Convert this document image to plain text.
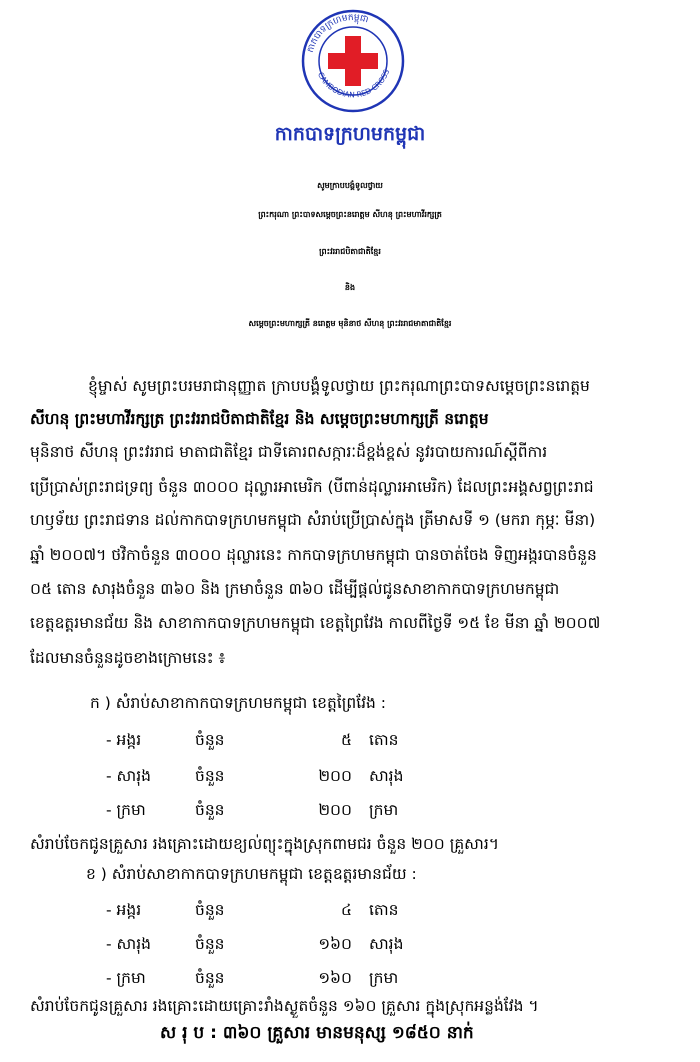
កាកបាទក្រហមកម្ពុជា
CAMBODIAN RED CROSS
កាកបាទក្រហមកម្ពុជា
សូមក្រាបបង្គំទូលថ្វាយ
ព្រះករុណា ព្រះបាទសម្តេចព្រះនរោត្តម សីហនុ ព្រះមហាវីរក្សត្រ
ព្រះវររាជបិតាជាតិខ្មែរ
និង
សម្តេចព្រះមហាក្សត្រី នរោត្តម មុនិនាថ សីហនុ ព្រះវររាជមាតាជាតិខ្មែរ
ខ្ញុំម្ចាស់ សូមព្រះបរមរាជានុញ្ញាត ក្រាបបង្គំទូលថ្វាយ ព្រះករុណាព្រះបាទសម្តេចព្រះនរោត្តម
សីហនុ ព្រះមហាវីរក្សត្រ ព្រះវររាជបិតាជាតិខ្មែរ និង សម្តេចព្រះមហាក្សត្រី នរោត្តម
មុនិនាថ សីហនុ ព្រះវររាជ មាតាជាតិខ្មែរ ជាទីគោរពសក្ការៈដ៏ខ្ពង់ខ្ពស់ នូវរបាយការណ៍ស្តីពីការ
ប្រើប្រាស់ព្រះរាជទ្រព្យ ចំនួន ៣០០០ ដុល្លារអាមេរិក (បីពាន់ដុល្លារអាមេរិក) ដែលព្រះអង្គសព្វព្រះរាជ
ហឫទ័យ ព្រះរាជទាន ដល់កាកបាទក្រហមកម្ពុជា សំរាប់ប្រើប្រាស់ក្នុង ត្រីមាសទី ១ (មករា កុម្ភៈ មីនា)
ឆ្នាំ ២០០៧។ ថវិកាចំនួន ៣០០០ ដុល្លារនេះ កាកបាទក្រហមកម្ពុជា បានចាត់ចែង ទិញអង្ករបានចំនួន
០៥ តោន សារុងចំនួន ៣៦០ និង ក្រមាចំនួន ៣៦០ ដើម្បីផ្តល់ជូនសាខាកាកបាទក្រហមកម្ពុជា
ខេត្តឧត្តរមានជ័យ និង សាខាកាកបាទក្រហមកម្ពុជា ខេត្តព្រៃវែង កាលពីថ្ងៃទី ១៥ ខែ មីនា ឆ្នាំ ២០០៧
ដែលមានចំនួនដូចខាងក្រោមនេះ ៖
ក ) សំរាប់សាខាកាកបាទក្រហមកម្ពុជា ខេត្តព្រៃវែង :
- អង្ករ	ចំនួន	៥ តោន
- សារុង	ចំនួន	២០០ សារុង
- ក្រមា	ចំនួន	២០០ ក្រមា
សំរាប់ចែកជូនគ្រួសារ រងគ្រោះដោយខ្យល់ព្យុះក្នុងស្រុកពាមជរ ចំនួន ២០០ គ្រួសារ។
ខ ) សំរាប់សាខាកាកបាទក្រហមកម្ពុជា ខេត្តឧត្តរមានជ័យ :
- អង្ករ	ចំនួន	៤ តោន
- សារុង	ចំនួន	១៦០ សារុង
- ក្រមា	ចំនួន	១៦០ ក្រមា
សំរាប់ចែកជូនគ្រួសារ រងគ្រោះដោយគ្រោះរាំងស្ងួតចំនួន ១៦០ គ្រួសារ ក្នុងស្រុកអន្លង់វែង ។
ស រុ ប : ៣៦០ គ្រួសារ មានមនុស្ស ១៨៥០ នាក់
